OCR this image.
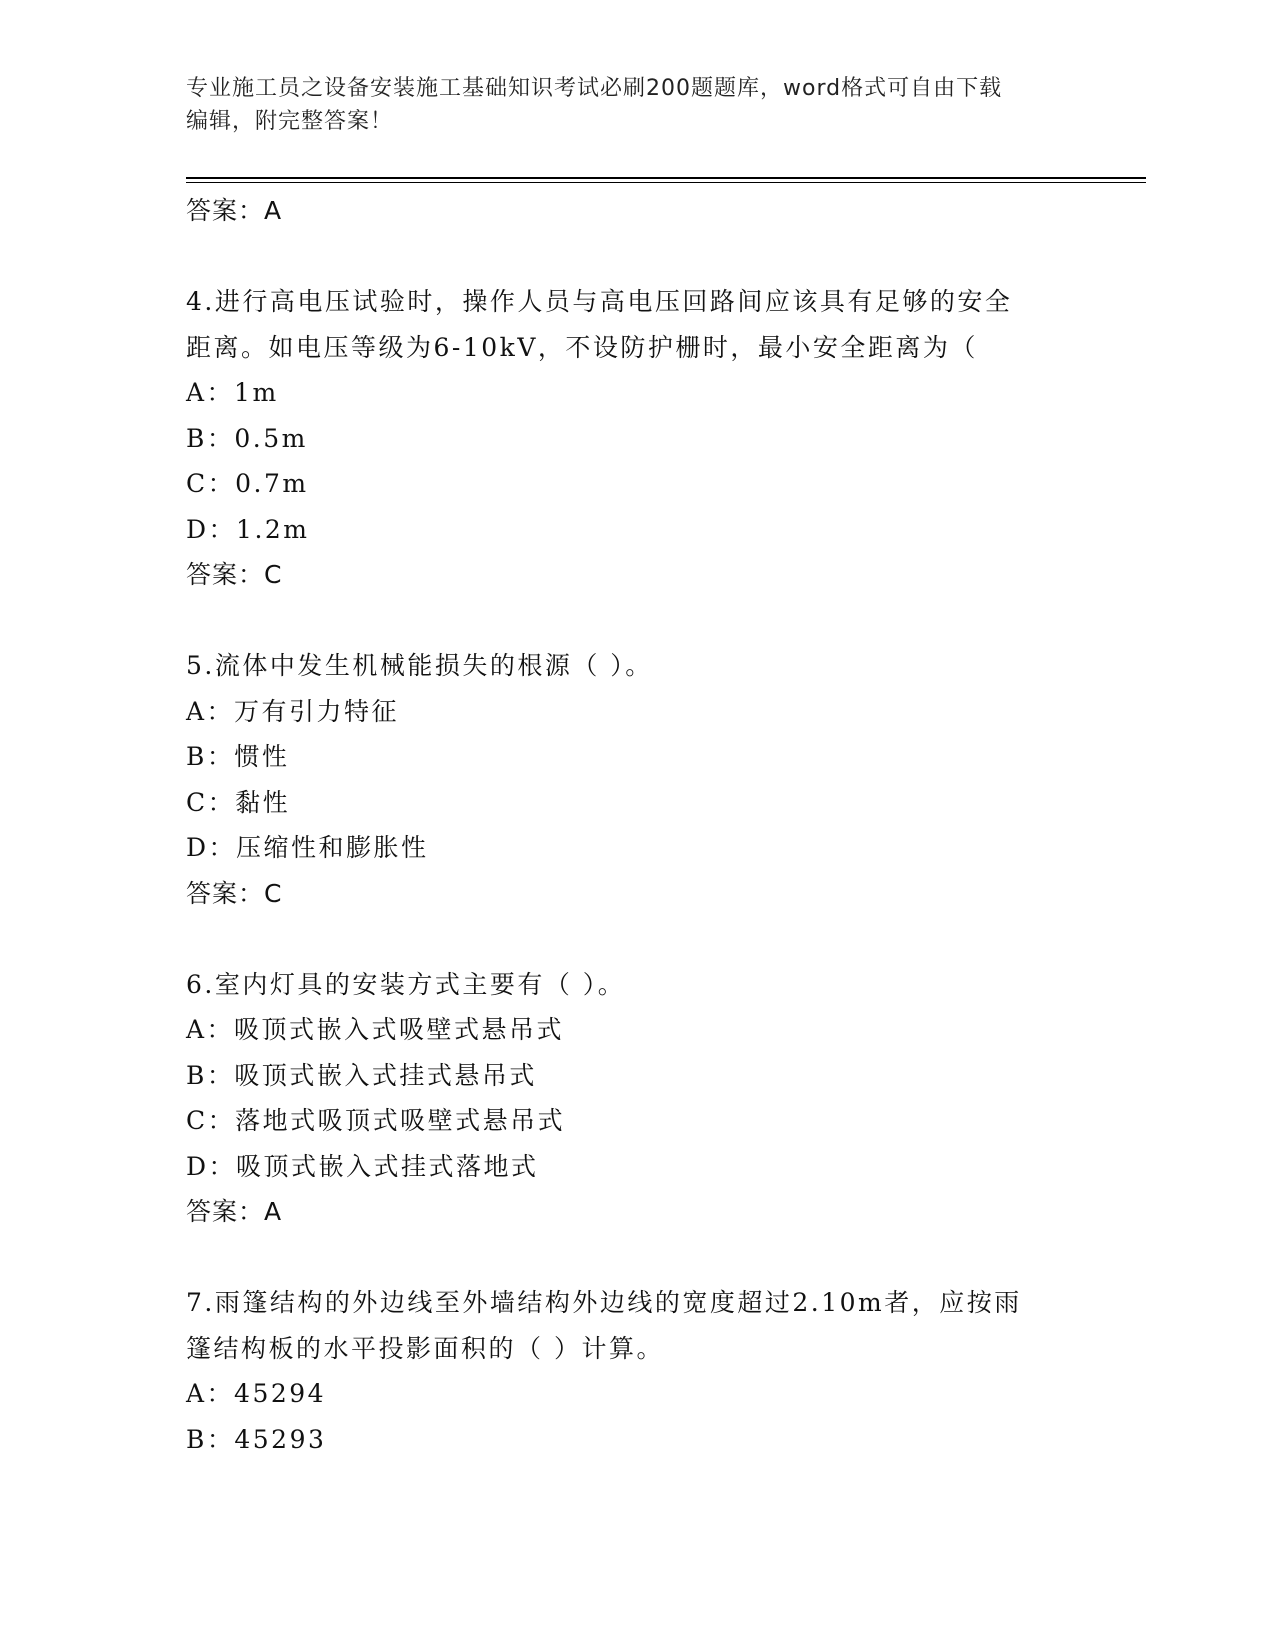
专业施工员之设备安装施工基础知识考试必刷200题题库，word格式可自由下载
编辑，附完整答案！
答案：A
4.进行高电压试验时，操作人员与高电压回路间应该具有足够的安全
距离。如电压等级为6-10kV，不设防护栅时，最小安全距离为（
A：1m
B：0.5m
C：0.7m
D：1.2m
答案：C
5.流体中发生机械能损失的根源（ ）。
A：万有引力特征
B：惯性
C：黏性
D：压缩性和膨胀性
答案：C
6.室内灯具的安装方式主要有（ ）。
A：吸顶式嵌入式吸壁式悬吊式
B：吸顶式嵌入式挂式悬吊式
C：落地式吸顶式吸壁式悬吊式
D：吸顶式嵌入式挂式落地式
答案：A
7.雨篷结构的外边线至外墙结构外边线的宽度超过2.10m者，应按雨
篷结构板的水平投影面积的（ ）计算。
A：45294
B：45293
